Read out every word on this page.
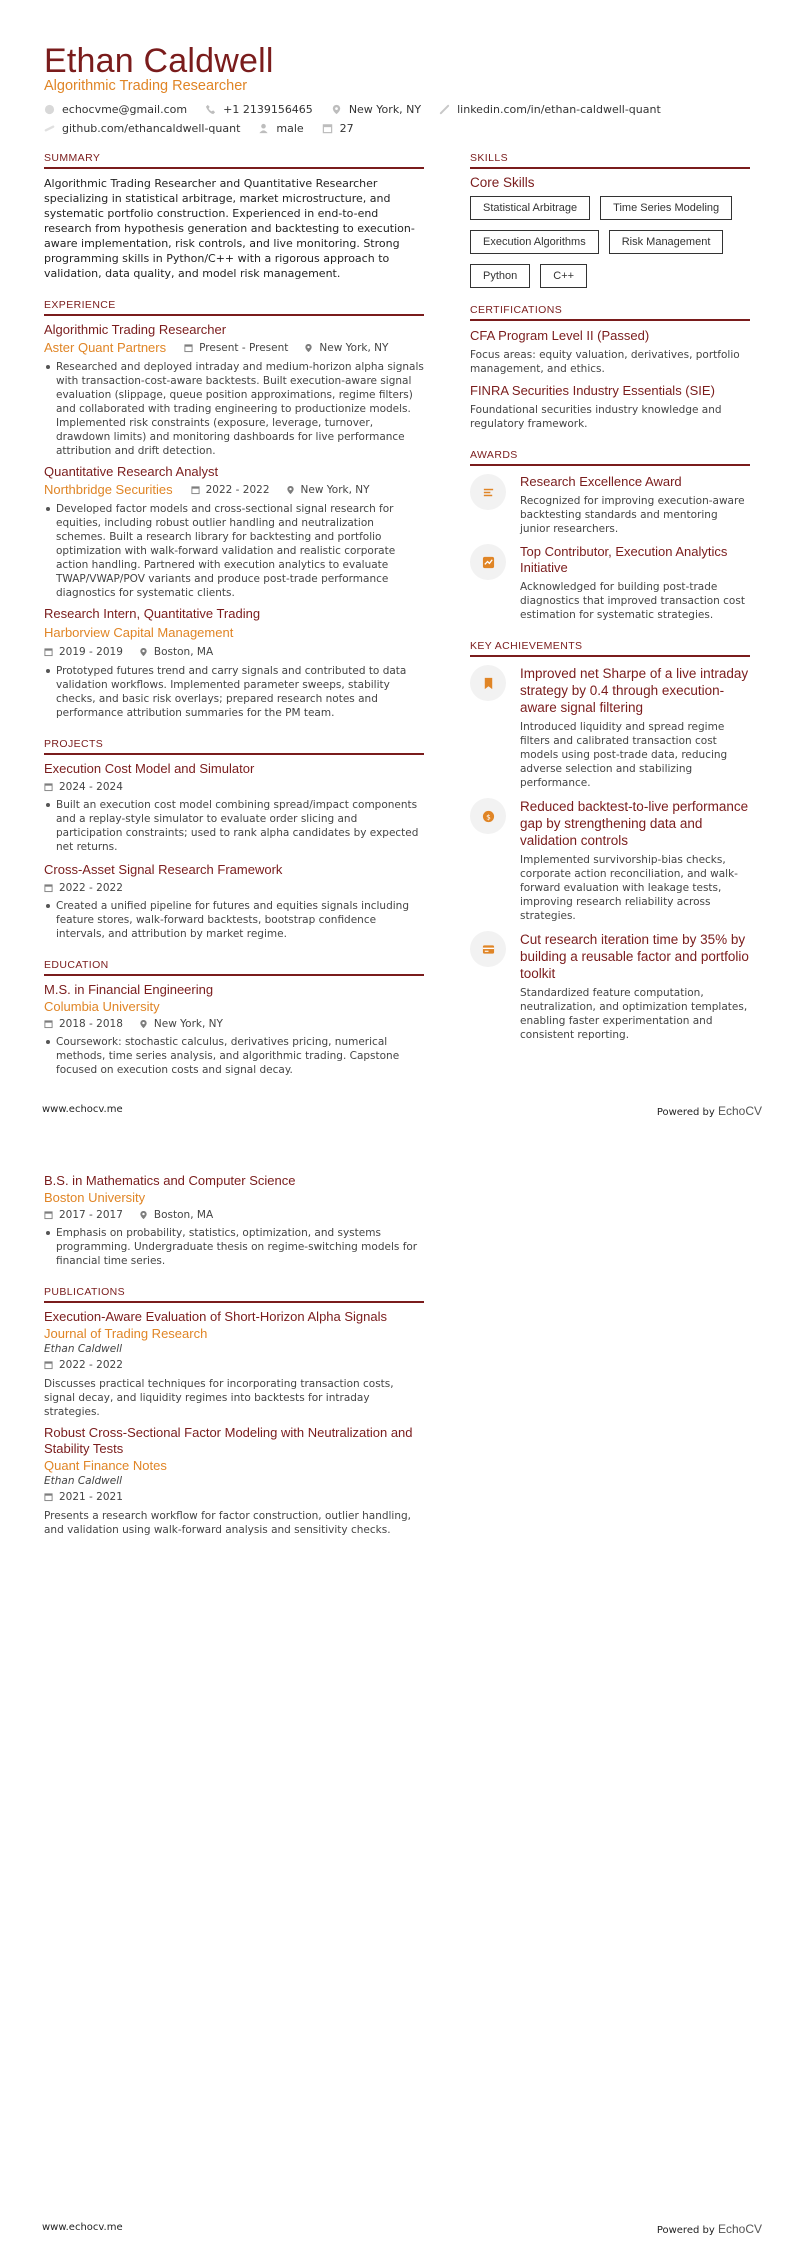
Ethan Caldwell
Algorithmic Trading Researcher
echocvme@gmail.com	+1 2139156465	New York, NY	linkedin.com/in/ethan-caldwell-quant
github.com/ethancaldwell-quant	male	27
SUMMARY
Algorithmic Trading Researcher and Quantitative Researcher specializing in statistical arbitrage, market microstructure, and systematic portfolio construction. Experienced in end-to-end research from hypothesis generation and backtesting to execution-aware implementation, risk controls, and live monitoring. Strong programming skills in Python/C++ with a rigorous approach to validation, data quality, and model risk management.
EXPERIENCE
Algorithmic Trading Researcher
Aster Quant Partners	Present - Present	New York, NY
Researched and deployed intraday and medium-horizon alpha signals with transaction-cost-aware backtests. Built execution-aware signal evaluation (slippage, queue position approximations, regime filters) and collaborated with trading engineering to productionize models. Implemented risk constraints (exposure, leverage, turnover, drawdown limits) and monitoring dashboards for live performance attribution and drift detection.
Quantitative Research Analyst
Northbridge Securities	2022 - 2022	New York, NY
Developed factor models and cross-sectional signal research for equities, including robust outlier handling and neutralization schemes. Built a research library for backtesting and portfolio optimization with walk-forward validation and realistic corporate action handling. Partnered with execution analytics to evaluate TWAP/VWAP/POV variants and produce post-trade performance diagnostics for systematic clients.
Research Intern, Quantitative Trading
Harborview Capital Management
2019 - 2019	Boston, MA
Prototyped futures trend and carry signals and contributed to data validation workflows. Implemented parameter sweeps, stability checks, and basic risk overlays; prepared research notes and performance attribution summaries for the PM team.
PROJECTS
Execution Cost Model and Simulator
2024 - 2024
Built an execution cost model combining spread/impact components and a replay-style simulator to evaluate order slicing and participation constraints; used to rank alpha candidates by expected net returns.
Cross-Asset Signal Research Framework
2022 - 2022
Created a unified pipeline for futures and equities signals including feature stores, walk-forward backtests, bootstrap confidence intervals, and attribution by market regime.
EDUCATION
M.S. in Financial Engineering
Columbia University
2018 - 2018	New York, NY
Coursework: stochastic calculus, derivatives pricing, numerical methods, time series analysis, and algorithmic trading. Capstone focused on execution costs and signal decay.
SKILLS
Core Skills
Statistical Arbitrage	Time Series Modeling
Execution Algorithms	Risk Management
Python	C++
CERTIFICATIONS
CFA Program Level II (Passed)
Focus areas: equity valuation, derivatives, portfolio management, and ethics.
FINRA Securities Industry Essentials (SIE)
Foundational securities industry knowledge and regulatory framework.
AWARDS
Research Excellence Award
Recognized for improving execution-aware backtesting standards and mentoring junior researchers.
Top Contributor, Execution Analytics Initiative
Acknowledged for building post-trade diagnostics that improved transaction cost estimation for systematic strategies.
KEY ACHIEVEMENTS
Improved net Sharpe of a live intraday strategy by 0.4 through execution-aware signal filtering
Introduced liquidity and spread regime filters and calibrated transaction cost models using post-trade data, reducing adverse selection and stabilizing performance.
$
Reduced backtest-to-live performance gap by strengthening data and validation controls
Implemented survivorship-bias checks, corporate action reconciliation, and walk-forward evaluation with leakage tests, improving research reliability across strategies.
Cut research iteration time by 35% by building a reusable factor and portfolio toolkit
Standardized feature computation, neutralization, and optimization templates, enabling faster experimentation and consistent reporting.
www.echocv.me	Powered by EchoCV
B.S. in Mathematics and Computer Science
Boston University
2017 - 2017	Boston, MA
Emphasis on probability, statistics, optimization, and systems programming. Undergraduate thesis on regime-switching models for financial time series.
PUBLICATIONS
Execution-Aware Evaluation of Short-Horizon Alpha Signals
Journal of Trading Research
Ethan Caldwell
2022 - 2022
Discusses practical techniques for incorporating transaction costs, signal decay, and liquidity regimes into backtests for intraday strategies.
Robust Cross-Sectional Factor Modeling with Neutralization and Stability Tests
Quant Finance Notes
Ethan Caldwell
2021 - 2021
Presents a research workflow for factor construction, outlier handling, and validation using walk-forward analysis and sensitivity checks.
www.echocv.me	Powered by EchoCV
